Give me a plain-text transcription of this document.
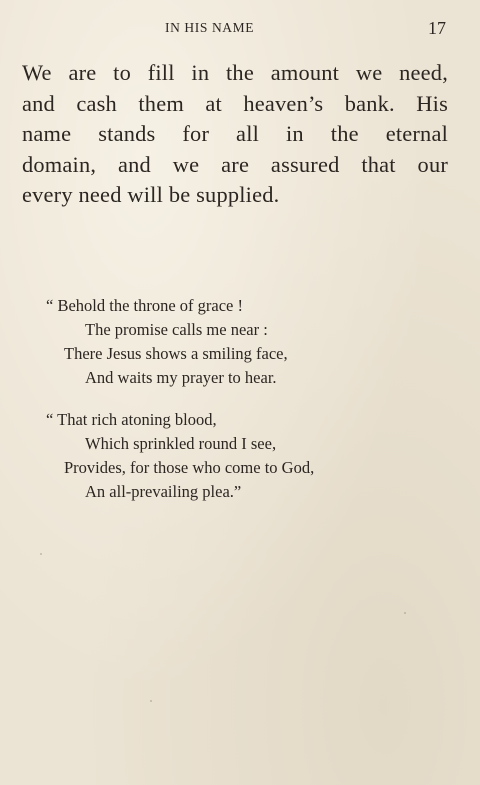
IN HIS NAME	17
We are to fill in the amount we need,
and cash them at heaven’s bank. His
name stands for all in the eternal
domain, and we are assured that our
every need will be supplied.
“ Behold the throne of grace !
The promise calls me near :
There Jesus shows a smiling face,
And waits my prayer to hear.
“ That rich atoning blood,
Which sprinkled round I see,
Provides, for those who come to God,
An all-prevailing plea.”
